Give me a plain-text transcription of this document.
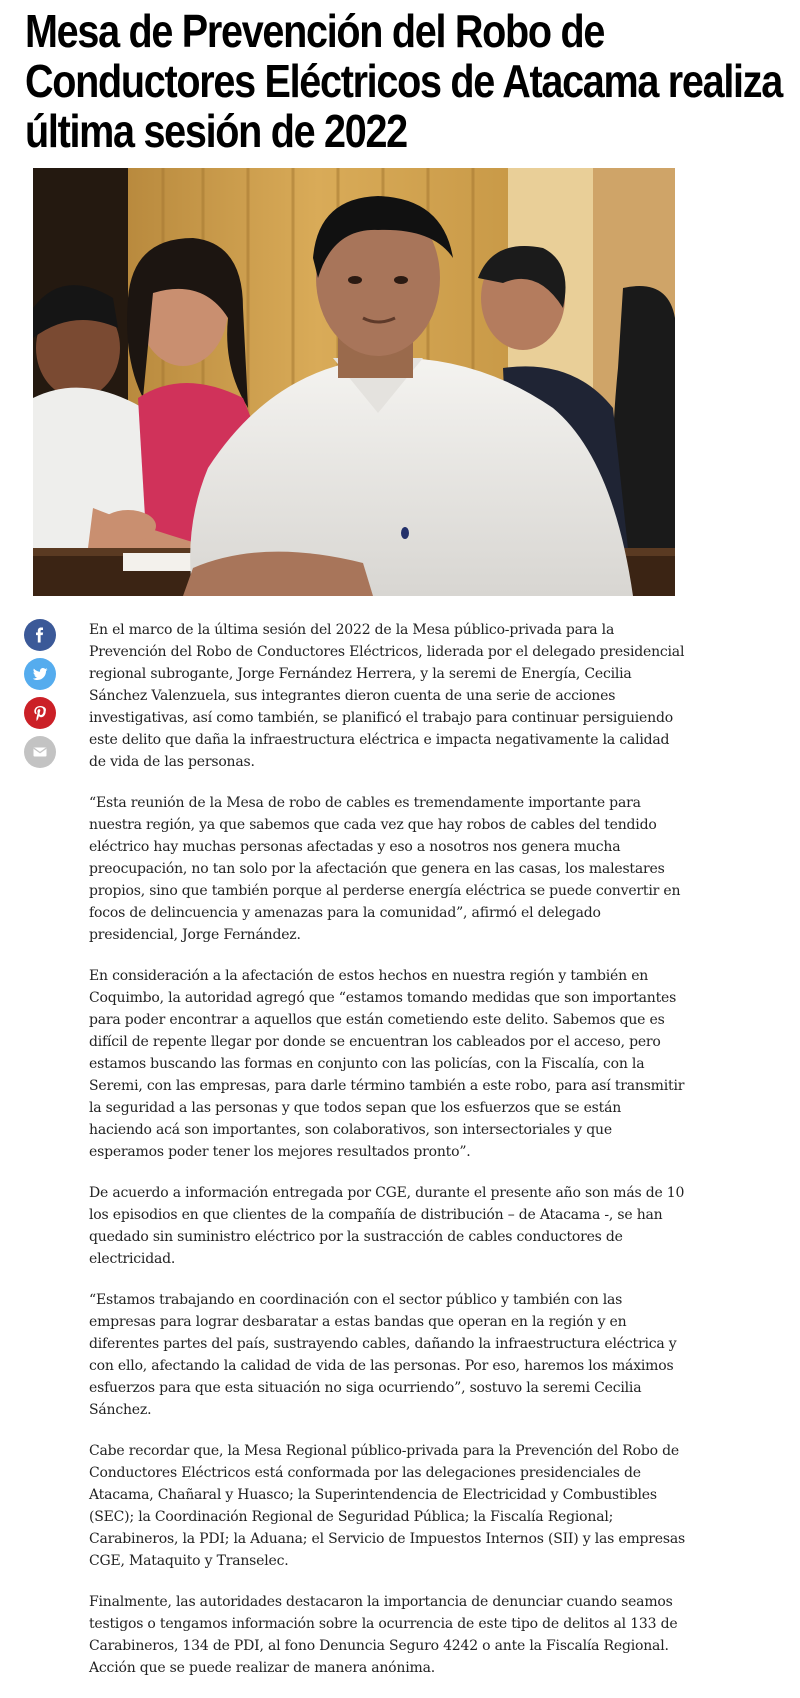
Mesa de Prevención del Robo de Conductores Eléctricos de Atacama realiza última sesión de 2022

En el marco de la última sesión del 2022 de la Mesa público-privada para la Prevención del Robo de Conductores Eléctricos, liderada por el delegado presidencial regional subrogante, Jorge Fernández Herrera, y la seremi de Energía, Cecilia Sánchez Valenzuela, sus integrantes dieron cuenta de una serie de acciones investigativas, así como también, se planificó el trabajo para continuar persiguiendo este delito que daña la infraestructura eléctrica e impacta negativamente la calidad de vida de las personas.

“Esta reunión de la Mesa de robo de cables es tremendamente importante para nuestra región, ya que sabemos que cada vez que hay robos de cables del tendido eléctrico hay muchas personas afectadas y eso a nosotros nos genera mucha preocupación, no tan solo por la afectación que genera en las casas, los malestares propios, sino que también porque al perderse energía eléctrica se puede convertir en focos de delincuencia y amenazas para la comunidad”, afirmó el delegado presidencial, Jorge Fernández.

En consideración a la afectación de estos hechos en nuestra región y también en Coquimbo, la autoridad agregó que “estamos tomando medidas que son importantes para poder encontrar a aquellos que están cometiendo este delito. Sabemos que es difícil de repente llegar por donde se encuentran los cableados por el acceso, pero estamos buscando las formas en conjunto con las policías, con la Fiscalía, con la Seremi, con las empresas, para darle término también a este robo, para así transmitir la seguridad a las personas y que todos sepan que los esfuerzos que se están haciendo acá son importantes, son colaborativos, son intersectoriales y que esperamos poder tener los mejores resultados pronto”.

De acuerdo a información entregada por CGE, durante el presente año son más de 10 los episodios en que clientes de la compañía de distribución – de Atacama -, se han quedado sin suministro eléctrico por la sustracción de cables conductores de electricidad.

“Estamos trabajando en coordinación con el sector público y también con las empresas para lograr desbaratar a estas bandas que operan en la región y en diferentes partes del país, sustrayendo cables, dañando la infraestructura eléctrica y con ello, afectando la calidad de vida de las personas. Por eso, haremos los máximos esfuerzos para que esta situación no siga ocurriendo”, sostuvo la seremi Cecilia Sánchez.

Cabe recordar que, la Mesa Regional público-privada para la Prevención del Robo de Conductores Eléctricos está conformada por las delegaciones presidenciales de Atacama, Chañaral y Huasco; la Superintendencia de Electricidad y Combustibles (SEC); la Coordinación Regional de Seguridad Pública; la Fiscalía Regional; Carabineros, la PDI; la Aduana; el Servicio de Impuestos Internos (SII) y las empresas CGE, Mataquito y Transelec.

Finalmente, las autoridades destacaron la importancia de denunciar cuando seamos testigos o tengamos información sobre la ocurrencia de este tipo de delitos al 133 de Carabineros, 134 de PDI, al fono Denuncia Seguro 4242 o ante la Fiscalía Regional. Acción que se puede realizar de manera anónima.
